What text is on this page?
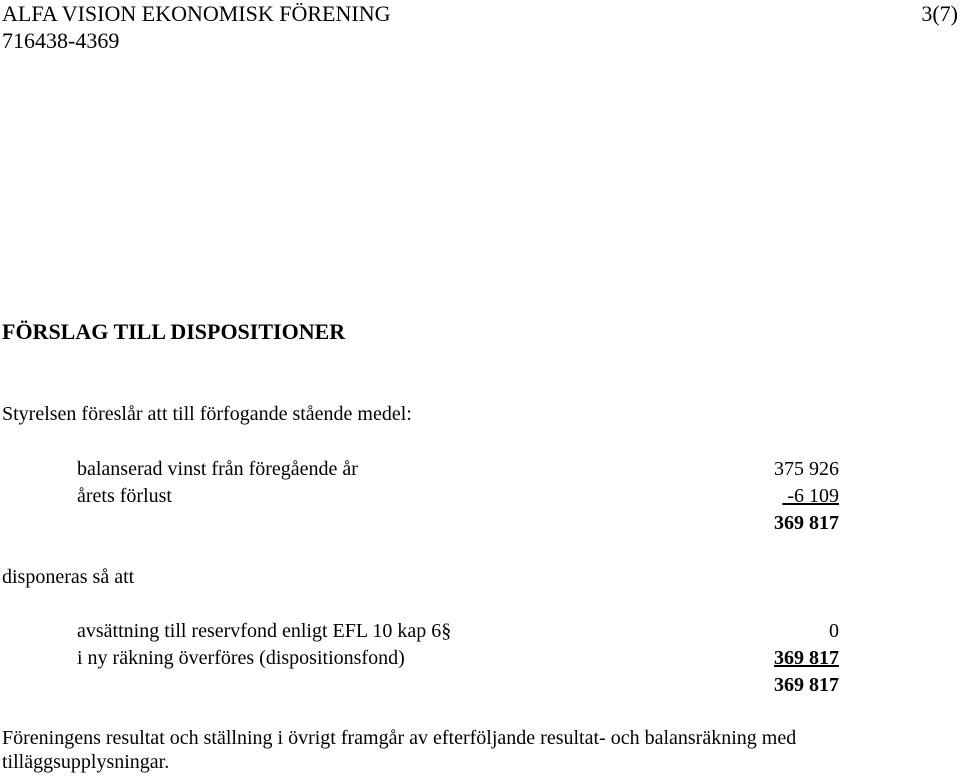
ALFA VISION EKONOMISK FÖRENING	3(7)
716438-4369
FÖRSLAG TILL DISPOSITIONER
Styrelsen föreslår att till förfogande stående medel:
balanserad vinst från föregående år	375 926
årets förlust	-6 109
369 817
disponeras så att
avsättning till reservfond enligt EFL 10 kap 6§	0
i ny räkning överföres (dispositionsfond)	369 817
369 817
Föreningens resultat och ställning i övrigt framgår av efterföljande resultat- och balansräkning med tilläggsupplysningar.
